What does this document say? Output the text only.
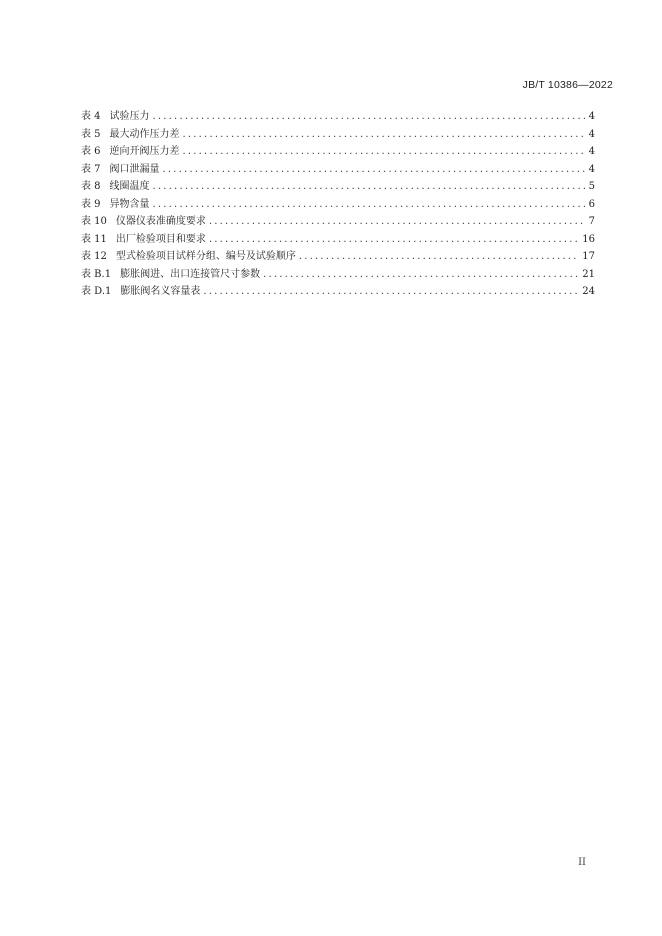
JB/T 10386—2022
表 4 试验压力 .....	4
表 5 最大动作压力差 .....	4
表 6 逆向开阀压力差 .....	4
表 7 阀口泄漏量 .....	4
表 8 线圈温度 .....	5
表 9 异物含量 .....	6
表 10 仪器仪表准确度要求 .....	7
表 11 出厂检验项目和要求 .....	16
表 12 型式检验项目试样分组、编号及试验顺序 .....	17
表 B.1 膨胀阀进、出口连接管尺寸参数 .....	21
表 D.1 膨胀阀名义容量表 .....	24
II
